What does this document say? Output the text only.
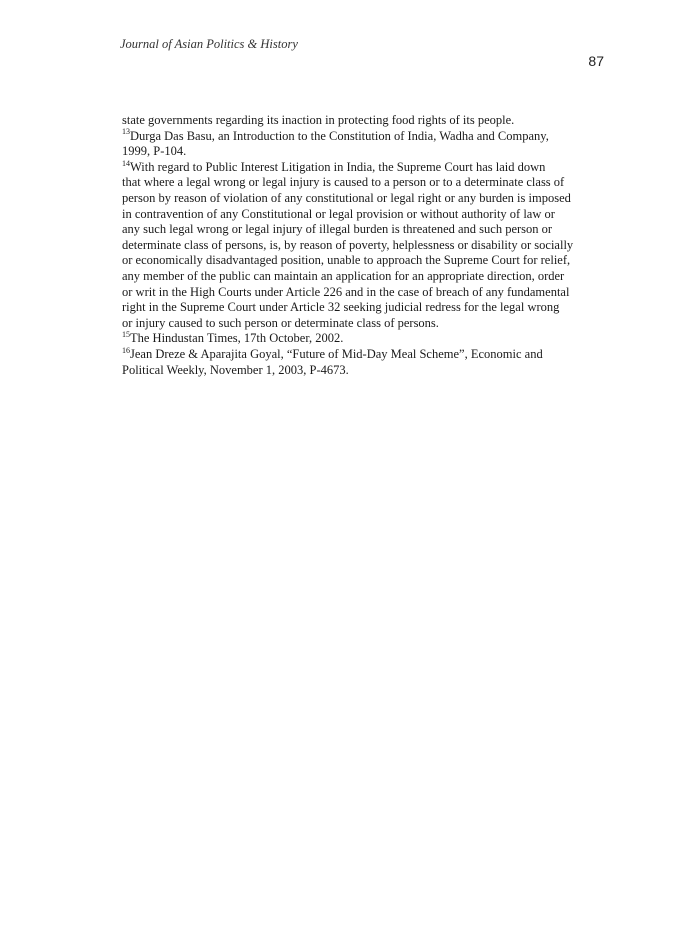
Journal of Asian Politics & History
87
state governments regarding its inaction in protecting food rights of its people.
$^{13}$Durga Das Basu, an Introduction to the Constitution of India, Wadha and Company,
1999, P-104.
$^{14}$With regard to Public Interest Litigation in India, the Supreme Court has laid down
that where a legal wrong or legal injury is caused to a person or to a determinate class of
person by reason of violation of any constitutional or legal right or any burden is imposed
in contravention of any Constitutional or legal provision or without authority of law or
any such legal wrong or legal injury of illegal burden is threatened and such person or
determinate class of persons, is, by reason of poverty, helplessness or disability or socially
or economically disadvantaged position, unable to approach the Supreme Court for relief,
any member of the public can maintain an application for an appropriate direction, order
or writ in the High Courts under Article 226 and in the case of breach of any fundamental
right in the Supreme Court under Article 32 seeking judicial redress for the legal wrong
or injury caused to such person or determinate class of persons.
$^{15}$The Hindustan Times, 17th October, 2002.
$^{16}$Jean Dreze & Aparajita Goyal, “Future of Mid-Day Meal Scheme”, Economic and
Political Weekly, November 1, 2003, P-4673.
